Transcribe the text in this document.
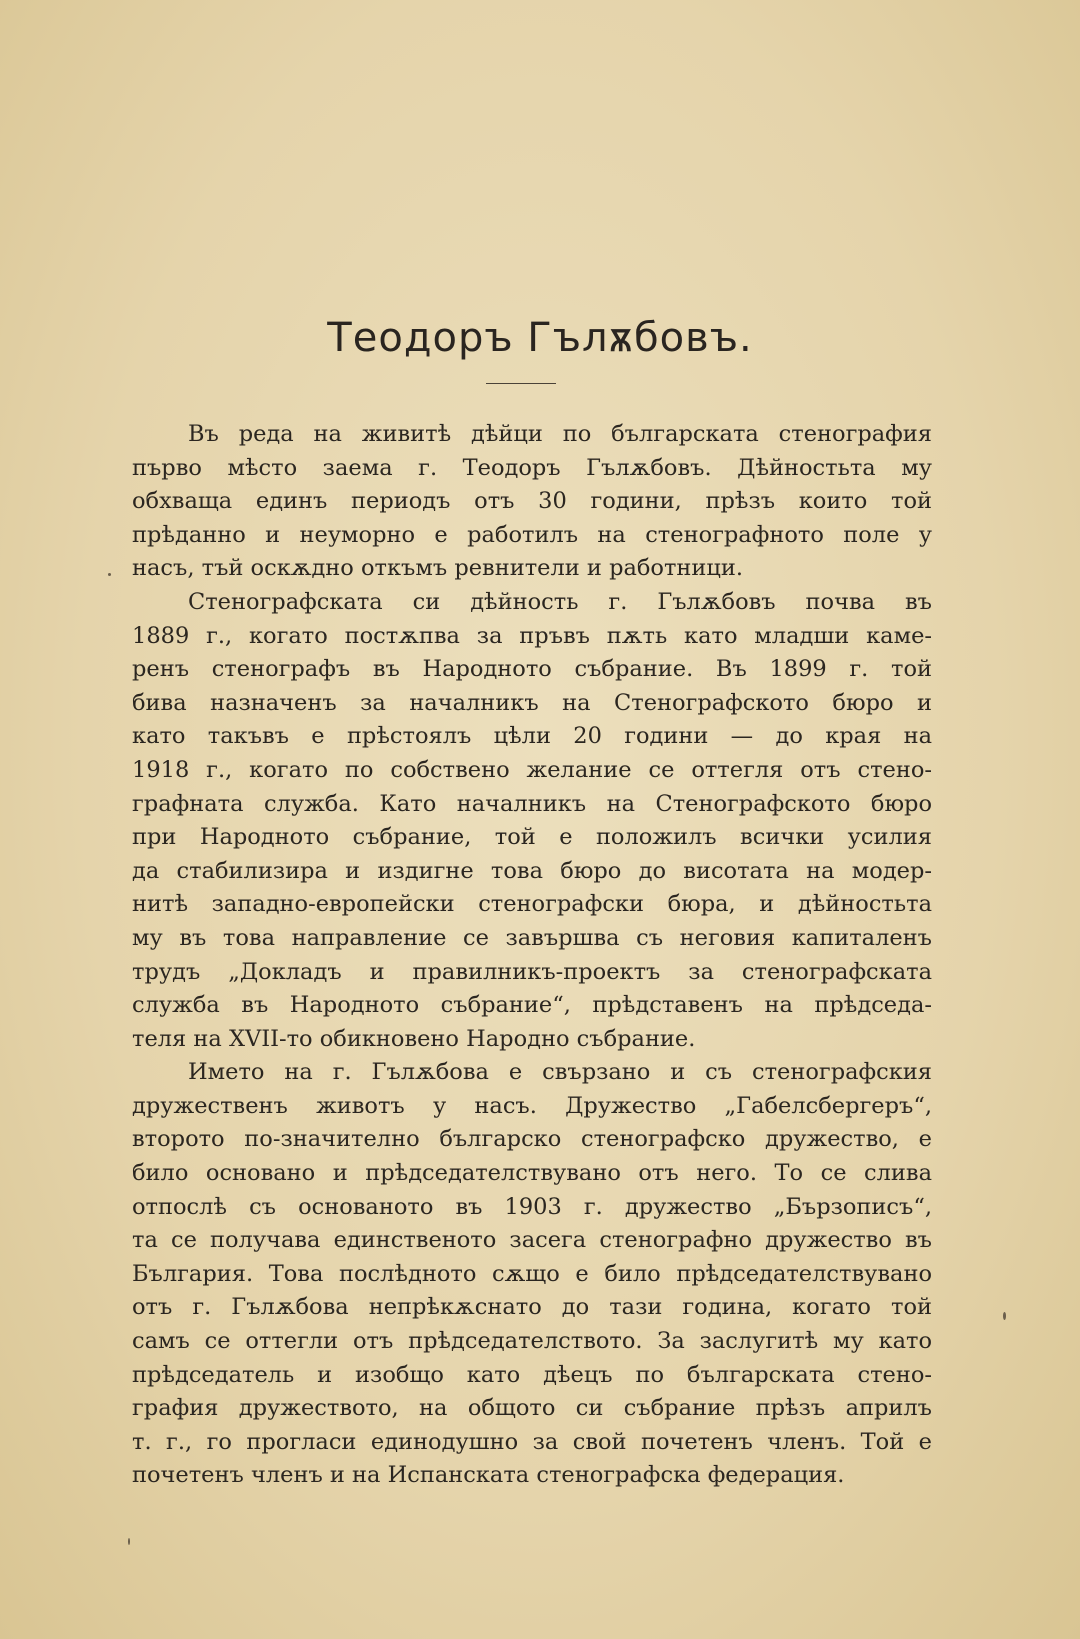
Теодоръ Гълѫбовъ.
Въ реда на живитѣ дѣйци по българската стенография
първо мѣсто заема г. Теодоръ Гълѫбовъ. Дѣйностьта му
обхваща единъ периодъ отъ 30 години, прѣзъ които той
прѣданно и неуморно е работилъ на стенографното поле у
насъ, тъй оскѫдно откъмъ ревнители и работници.
Стенографската си дѣйность г. Гълѫбовъ почва въ
1889 г., когато постѫпва за пръвъ пѫть като младши каме-
ренъ стенографъ въ Народното събрание. Въ 1899 г. той
бива назначенъ за началникъ на Стенографското бюро и
като такъвъ е прѣстоялъ цѣли 20 години — до края на
1918 г., когато по собствено желание се оттегля отъ стено-
графната служба. Като началникъ на Стенографското бюро
при Народното събрание, той е положилъ всички усилия
да стабилизира и издигне това бюро до висотата на модер-
нитѣ западно-европейски стенографски бюра, и дѣйностьта
му въ това направление се завършва съ неговия капиталенъ
трудъ „Докладъ и правилникъ-проектъ за стенографската
служба въ Народното събрание“, прѣдставенъ на прѣдседа-
теля на XVII-то обикновено Народно събрание.
Името на г. Гълѫбова е свързано и съ стенографския
дружественъ животъ у насъ. Дружество „Габелсбергеръ“,
второто по-значително българско стенографско дружество, е
било основано и прѣдседателствувано отъ него. То се слива
отпослѣ съ основаното въ 1903 г. дружество „Бързописъ“,
та се получава единственото засега стенографно дружество въ
България. Това послѣдното сѫщо е било прѣдседателствувано
отъ г. Гълѫбова непрѣкѫснато до тази година, когато той
самъ се оттегли отъ прѣдседателството. За заслугитѣ му като
прѣдседатель и изобщо като дѣецъ по българската стено-
графия дружеството, на общото си събрание прѣзъ априлъ
т. г., го прогласи единодушно за свой почетенъ членъ. Той е
почетенъ членъ и на Испанската стенографска федерация.
